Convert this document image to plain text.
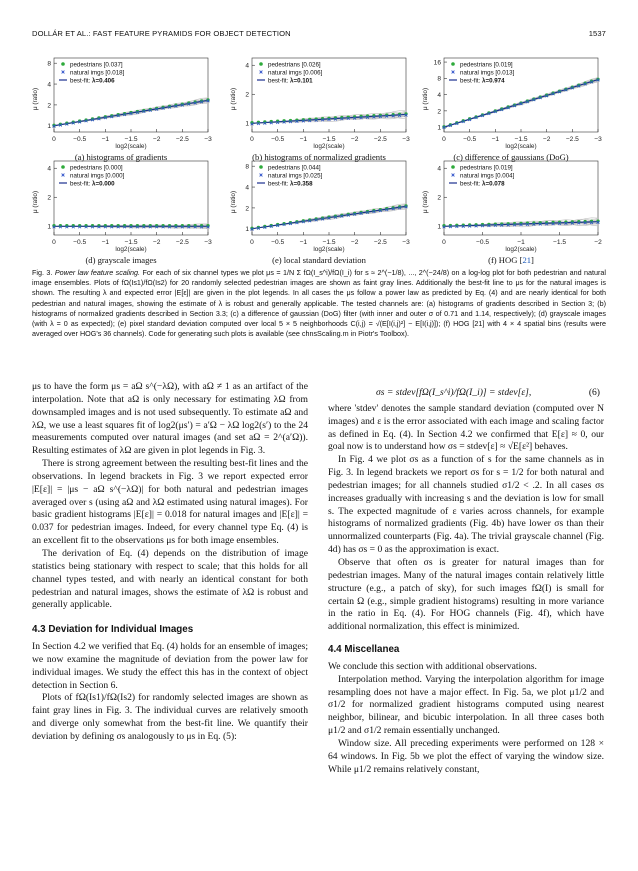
DOLLÁR ET AL.: FAST FEATURE PYRAMIDS FOR OBJECT DETECTION	1537
8
4
2
1
0	−0.5 −1 −1.5 −2 −2.5 −3
log2(scale)
μ (ratio)
pedestrians [0.037]
natural imgs [0.018]
best-fit: λ=0.406
(a) histograms of gradients
4
2
1
0	−0.5 −1 −1.5 −2 −2.5 −3
log2(scale)
μ (ratio)
pedestrians [0.026]
natural imgs [0.006]
best-fit: λ=0.101
(b) histograms of normalized gradients
16
8
4
2
1
0	−0.5 −1 −1.5 −2 −2.5 −3
log2(scale)
μ (ratio)
pedestrians [0.019]
natural imgs [0.013]
best-fit: λ=0.974
(c) difference of gaussians (DoG)
4
2
1
0	−0.5 −1 −1.5 −2 −2.5 −3
log2(scale)
μ (ratio)
pedestrians [0.000]
natural imgs [0.000]
best-fit: λ=0.000
(d) grayscale images
8
4
2
1
0	−0.5 −1 −1.5 −2 −2.5 −3
log2(scale)
μ (ratio)
pedestrians [0.044]
natural imgs [0.025]
best-fit: λ=0.358
(e) local standard deviation
4
2
1
0	−0.5	−1	−1.5	−2
log2(scale)
μ (ratio)
pedestrians [0.019]
natural imgs [0.004]
best-fit: λ=0.078
(f) HOG [21]
Fig. 3. Power law feature scaling. For each of six channel types we plot μs = 1/N Σ fΩ(I_s^i)/fΩ(I_i) for s ≈ 2^(−1/8), ..., 2^(−24/8) on a log-log plot for both pedestrian and natural image ensembles. Plots of fΩ(Is1)/fΩ(Is2) for 20 randomly selected pedestrian images are shown as faint gray lines. Additionally the best-fit line to μs for the natural images is shown. The resulting λ and expected error |E[ε]| are given in the plot legends. In all cases the μs follow a power law as predicted by Eq. (4) and are nearly identical for both pedestrian and natural images, showing the estimate of λ is robust and generally applicable. The tested channels are: (a) histograms of gradients described in Section 3; (b) histograms of normalized gradients described in Section 3.3; (c) a difference of gaussian (DoG) filter (with inner and outer σ of 0.71 and 1.14, respectively); (d) grayscale images (with λ = 0 as expected); (e) pixel standard deviation computed over local 5 × 5 neighborhoods C(i,j) = √(E[I(i,j)²] − E[I(i,j)]); (f) HOG [21] with 4 × 4 spatial bins (results were averaged over HOG's 36 channels). Code for generating such plots is available (see chnsScaling.m in Piotr's Toolbox).

μs to have the form μs = aΩ s^(−λΩ), with aΩ ≠ 1 as an artifact of the interpolation. Note that aΩ is only necessary for estimating λΩ from downsampled images and is not used subsequently. To estimate aΩ and λΩ, we use a least squares fit of log2(μs′) = a′Ω − λΩ log2(s′) to the 24 measurements computed over natural images (and set aΩ = 2^(a′Ω)). Resulting estimates of λΩ are given in plot legends in Fig. 3.

There is strong agreement between the resulting best-fit lines and the observations. In legend brackets in Fig. 3 we report expected error |E[ε]| = |μs − aΩ s^(−λΩ)| for both natural and pedestrian images averaged over s (using aΩ and λΩ estimated using natural images). For basic gradient histograms |E[ε]| = 0.018 for natural images and |E[ε]| = 0.037 for pedestrian images. Indeed, for every channel type Eq. (4) is an excellent fit to the observations μs for both image ensembles.

The derivation of Eq. (4) depends on the distribution of image statistics being stationary with respect to scale; that this holds for all channel types tested, and with nearly an identical constant for both pedestrian and natural images, shows the estimate of λΩ is robust and generally applicable.

4.3 Deviation for Individual Images

In Section 4.2 we verified that Eq. (4) holds for an ensemble of images; we now examine the magnitude of deviation from the power law for individual images. We study the effect this has in the context of object detection in Section 6.

Plots of fΩ(Is1)/fΩ(Is2) for randomly selected images are shown as faint gray lines in Fig. 3. The individual curves are relatively smooth and diverge only somewhat from the best-fit line. We quantify their deviation by defining σs analogously to μs in Eq. (5):

σs = stdev[fΩ(I_s^i)/fΩ(I_i)] = stdev[ε],	(6)

where 'stdev' denotes the sample standard deviation (computed over N images) and ε is the error associated with each image and scaling factor as defined in Eq. (4). In Section 4.2 we confirmed that E[ε] ≈ 0, our goal now is to understand how σs = stdev[ε] ≈ √E[ε²] behaves.

In Fig. 4 we plot σs as a function of s for the same channels as in Fig. 3. In legend brackets we report σs for s = 1/2 for both natural and pedestrian images; for all channels studied σ1/2 < .2. In all cases σs increases gradually with increasing s and the deviation is low for small s. The expected magnitude of ε varies across channels, for example histograms of normalized gradients (Fig. 4b) have lower σs than their unnormalized counterparts (Fig. 4a). The trivial grayscale channel (Fig. 4d) has σs = 0 as the approximation is exact.

Observe that often σs is greater for natural images than for pedestrian images. Many of the natural images contain relatively little structure (e.g., a patch of sky), for such images fΩ(I) is small for certain Ω (e.g., simple gradient histograms) resulting in more variance in the ratio in Eq. (4). For HOG channels (Fig. 4f), which have additional normalization, this effect is minimized.

4.4 Miscellanea

We conclude this section with additional observations.

Interpolation method. Varying the interpolation algorithm for image resampling does not have a major effect. In Fig. 5a, we plot μ1/2 and σ1/2 for normalized gradient histograms computed using nearest neighbor, bilinear, and bicubic interpolation. In all three cases both μ1/2 and σ1/2 remain essentially unchanged.

Window size. All preceding experiments were performed on 128 × 64 windows. In Fig. 5b we plot the effect of varying the window size. While μ1/2 remains relatively constant,
